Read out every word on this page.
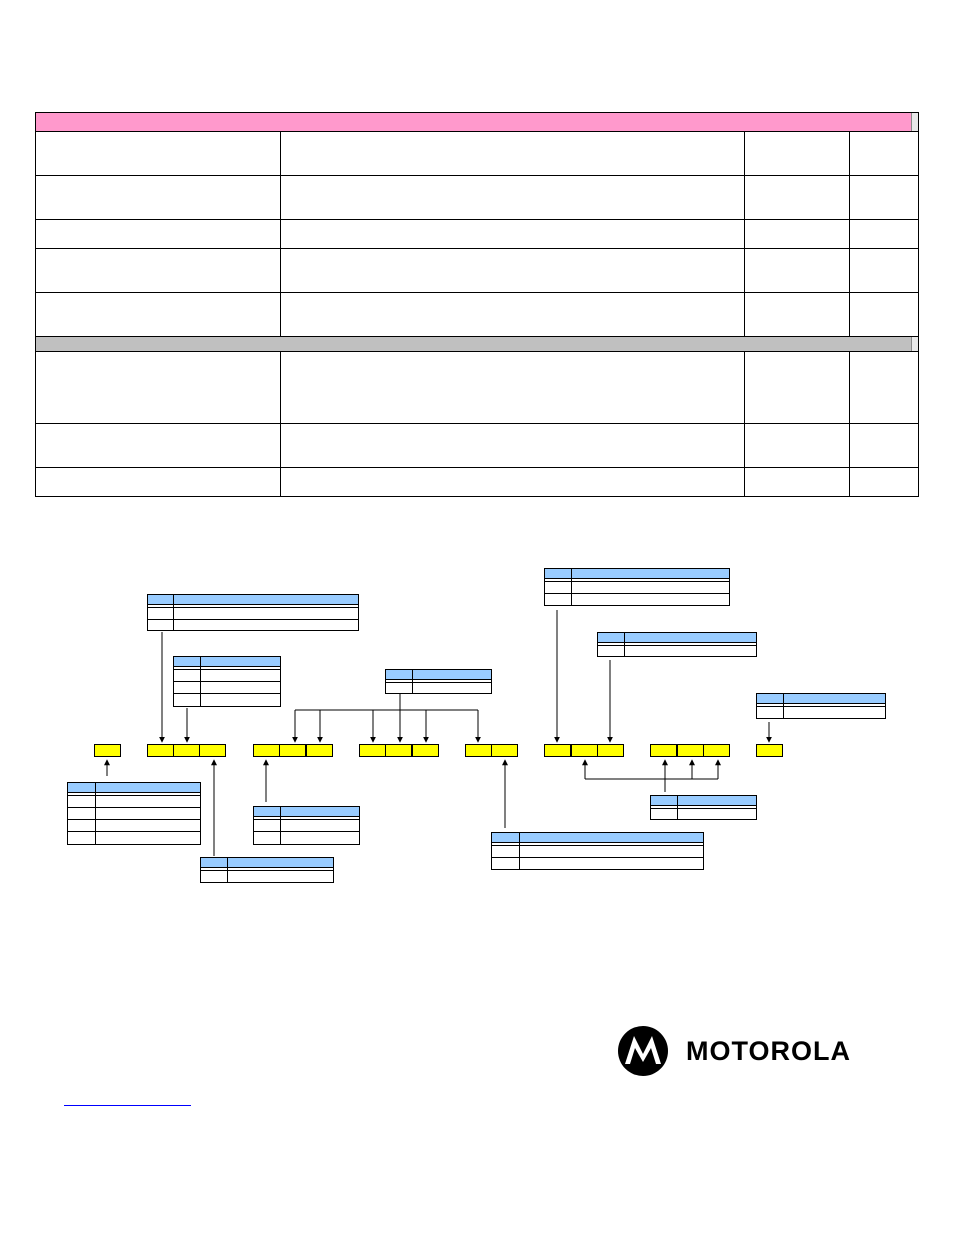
MOTOROLA
